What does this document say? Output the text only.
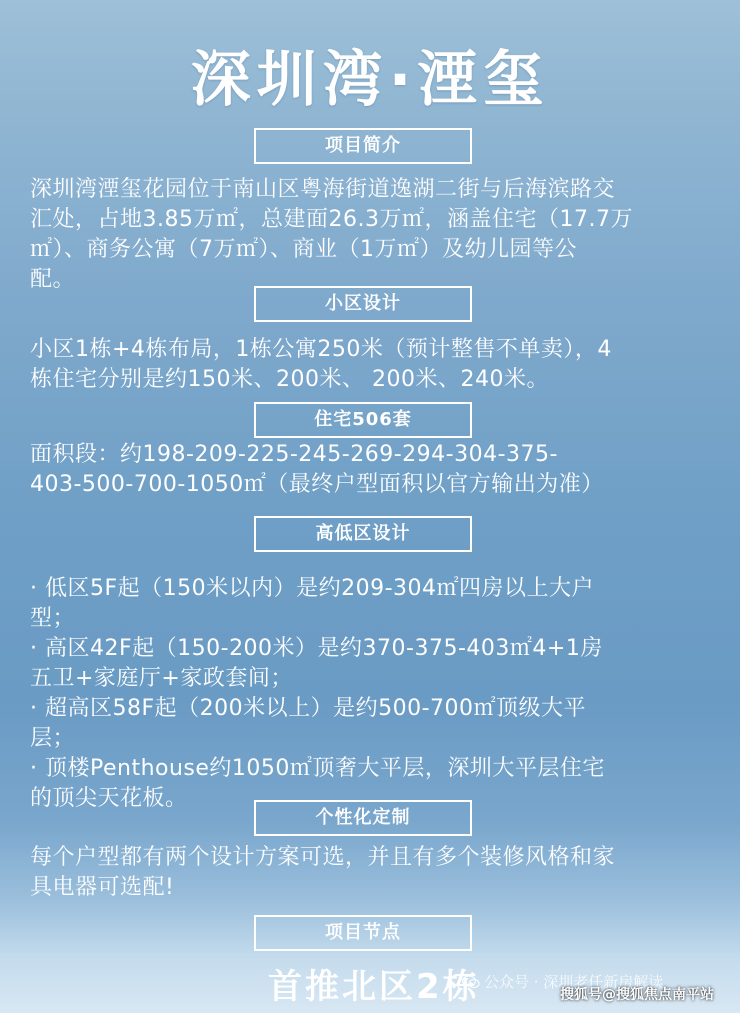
深圳湾·湮玺
项目简介
深圳湾湮玺花园位于南山区粤海街道逸湖二街与后海滨路交
汇处，占地3.85万㎡，总建面26.3万㎡，涵盖住宅（17.7万
㎡）、商务公寓（7万㎡）、商业（1万㎡）及幼儿园等公
配。
小区设计
小区1栋+4栋布局，1栋公寓250米（预计整售不单卖），4
栋住宅分别是约150米、200米、 200米、240米。
住宅506套
面积段：约198-209-225-245-269-294-304-375-
403-500-700-1050㎡（最终户型面积以官方输出为准）
高低区设计
· 低区5F起（150米以内）是约209-304㎡四房以上大户
型；
· 高区42F起（150-200米）是约370-375-403㎡4+1房
五卫+家庭厅+家政套间；
· 超高区58F起（200米以上）是约500-700㎡顶级大平
层；
· 顶楼Penthouse约1050㎡顶奢大平层，深圳大平层住宅
的顶尖天花板。
个性化定制
每个户型都有两个设计方案可选，并且有多个装修风格和家
具电器可选配!
项目节点
首推北区2栋 公众号 · 深圳老任新房解读
搜狐号@搜狐焦点南平站
